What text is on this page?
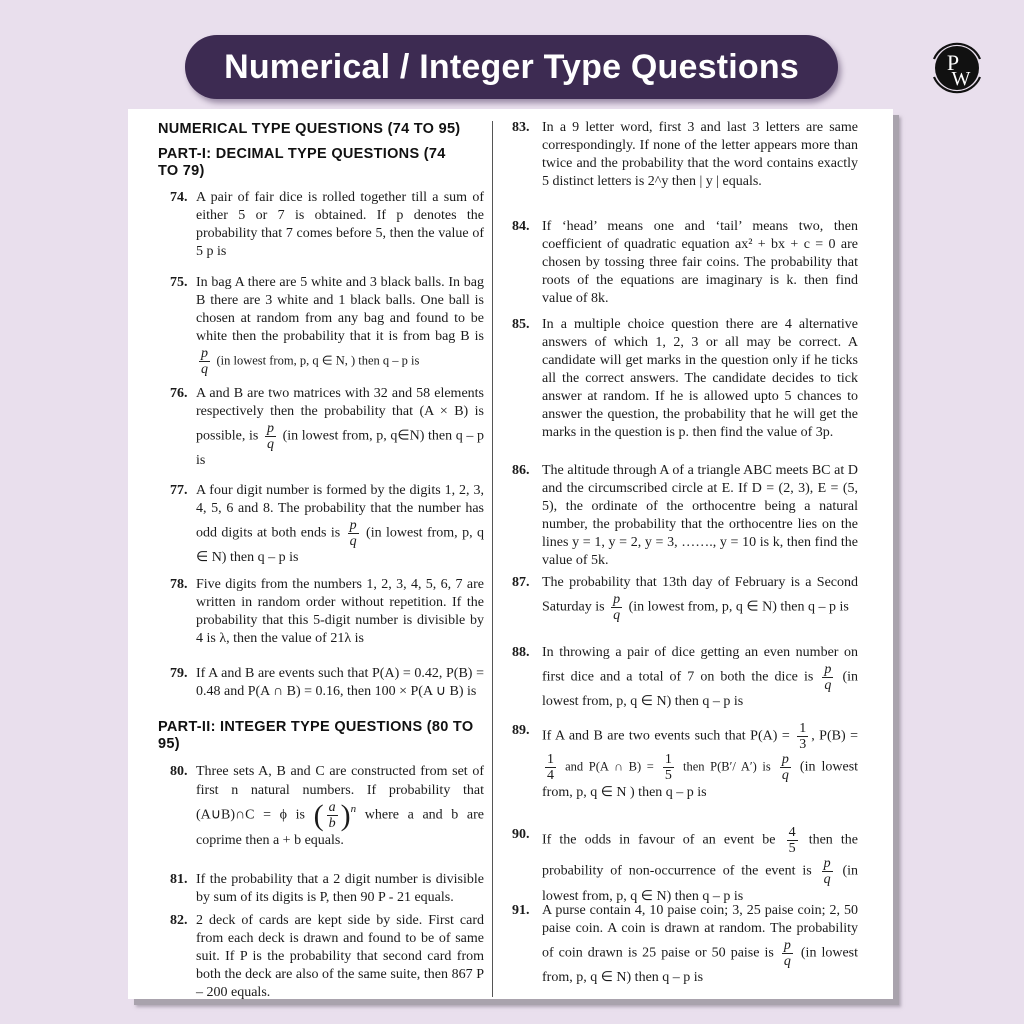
Numerical / Integer Type Questions	P
W
NUMERICAL TYPE QUESTIONS (74 TO 95)
PART-I: DECIMAL TYPE QUESTIONS (74 TO 79)
74. A pair of fair dice is rolled together till a sum of either 5 or 7 is obtained. If p denotes the probability that 7 comes before 5, then the value of 5 p is
75. In bag A there are 5 white and 3 black balls. In bag B there are 3 white and 1 black balls. One ball is chosen at random from any bag and found to be white then the probability that it is from bag B is
$\frac{p}{q} (in$ lowest from, p, q ∈ N, ) then q – p is
76. A and B are two matrices with 32 and 58 elements respectively then the probability that (A × B) is possible, is $\frac{p}{q} (in$ lowest from, p, q∈N) then q – p is
77. A four digit number is formed by the digits 1, 2, 3, 4, 5, 6 and 8. The probability that the number has odd digits at both ends is $\frac{p}{q} (in$ lowest from, p, q ∈ N) then q – p is
78. Five digits from the numbers 1, 2, 3, 4, 5, 6, 7 are written in random order without repetition. If the probability that this 5-digit number is divisible by 4 is λ, then the value of 21λ is
79. If A and B are events such that P(A) = 0.42, P(B) = 0.48 and P(A ∩ B) = 0.16, then 100 × P(A ∪ B) is
PART-II: INTEGER TYPE QUESTIONS (80 TO 95)
80. Three sets A, B and C are constructed from set of first n natural numbers. If probability that (A∪B)∩C = ϕ is ( $\frac{a}{b} )^n$ where a and b are coprime then a + b equals.
81. If the probability that a 2 digit number is divisible by sum of its digits is P, then 90 P - 21 equals.
82. 2 deck of cards are kept side by side. First card from each deck is drawn and found to be of same suit. If P is the probability that second card from both the deck are also of the same suite, then 867 P – 200 equals.
83. In a 9 letter word, first 3 and last 3 letters are same correspondingly. If none of the letter appears more than twice and the probability that the word contains exactly 5 distinct letters is 2^y then | y | equals.
84. If ‘head’ means one and ‘tail’ means two, then coefficient of quadratic equation ax² + bx + c = 0 are chosen by tossing three fair coins. The probability that roots of the equations are imaginary is k. then find value of 8k.
85. In a multiple choice question there are 4 alternative answers of which 1, 2, 3 or all may be correct. A candidate will get marks in the question only if he ticks all the correct answers. The candidate decides to tick answer at random. If he is allowed upto 5 chances to answer the question, the probability that he will get the marks in the question is p. then find the value of 3p.
86. The altitude through A of a triangle ABC meets BC at D and the circumscribed circle at E. If D = (2, 3), E = (5, 5), the ordinate of the orthocentre being a natural number, the probability that the orthocentre lies on the lines y = 1, y = 2, y = 3, ……., y = 10 is k, then find the value of 5k.
87. The probability that 13th day of February is a Second Saturday is $\frac{p}{q} (in$ lowest from, p, q ∈ N) then q – p is
88. In throwing a pair of dice getting an even number on first dice and a total of 7 on both the dice is $\frac{p}{q} (in$ lowest from, p, q ∈ N) then q – p is
89. If A and B are two events such that $P(A) = \frac{1}{3}$ , P(B) =
$\frac{1}{4}$ and P(A ∩ $B) = \frac{1}{5}$ then P(B′/ A′) is $\frac{p}{q} (in$ lowest from, p, q ∈ N ) then q – p is
90. If the odds in favour of an event be $\frac{4}{5}$ then the probability of non-occurrence of the event is $\frac{p}{q} (in$ lowest from, p, q ∈ N) then q – p is
91. A purse contain 4, 10 paise coin; 3, 25 paise coin; 2, 50 paise coin. A coin is drawn at random. The probability of coin drawn is 25 paise or 50 paise is $\frac{p}{q} (in$ lowest from, p, q ∈ N) then q – p is
